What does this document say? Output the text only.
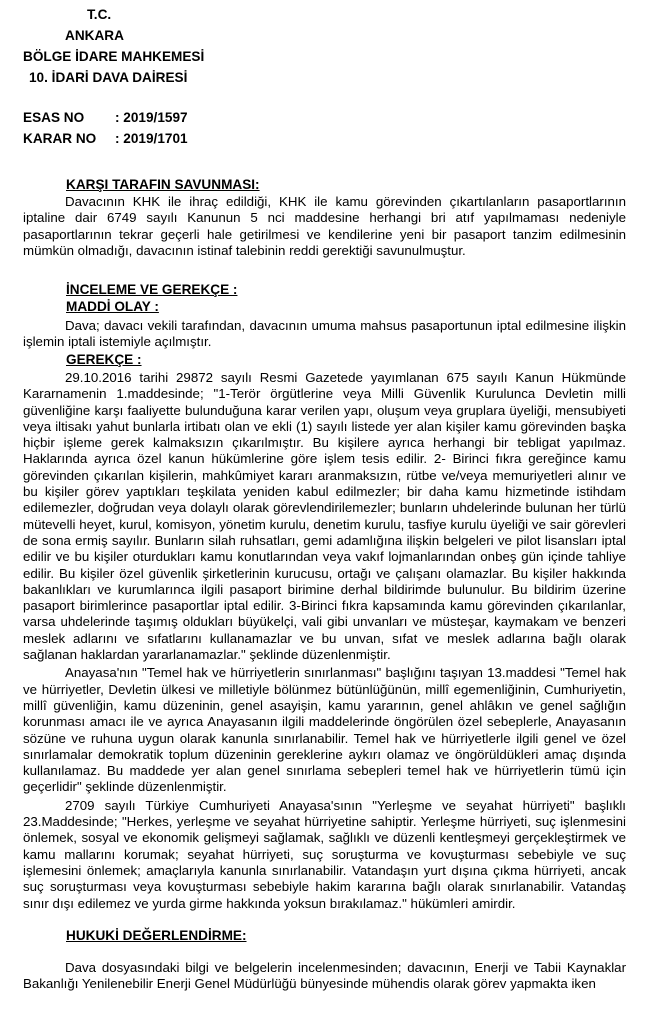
T.C.
ANKARA
BÖLGE İDARE MAHKEMESİ
10. İDARİ DAVA DAİRESİ
ESAS NO : 2019/1597
KARAR NO : 2019/1701
KARŞI TARAFIN SAVUNMASI:

Davacının KHK ile ihraç edildiği, KHK ile kamu görevinden çıkartılanların pasaportlarının iptaline dair 6749 sayılı Kanunun 5 nci maddesine herhangi bri atıf yapılmaması nedeniyle pasaportlarının tekrar geçerli hale getirilmesi ve kendilerine yeni bir pasaport tanzim edilmesinin mümkün olmadığı, davacının istinaf talebinin reddi gerektiği savunulmuştur.

İNCELEME VE GEREKÇE :
MADDİ OLAY :

Dava; davacı vekili tarafından, davacının umuma mahsus pasaportunun iptal edilmesine ilişkin işlemin iptali istemiyle açılmıştır.

GEREKÇE :

29.10.2016 tarihi 29872 sayılı Resmi Gazetede yayımlanan 675 sayılı Kanun Hükmünde Kararnamenin 1.maddesinde; "1-Terör örgütlerine veya Milli Güvenlik Kurulunca Devletin milli güvenliğine karşı faaliyette bulunduğuna karar verilen yapı, oluşum veya gruplara üyeliği, mensubiyeti veya iltisakı yahut bunlarla irtibatı olan ve ekli (1) sayılı listede yer alan kişiler kamu görevinden başka hiçbir işleme gerek kalmaksızın çıkarılmıştır. Bu kişilere ayrıca herhangi bir tebligat yapılmaz. Haklarında ayrıca özel kanun hükümlerine göre işlem tesis edilir. 2- Birinci fıkra gereğince kamu görevinden çıkarılan kişilerin, mahkûmiyet kararı aranmaksızın, rütbe ve/veya memuriyetleri alınır ve bu kişiler görev yaptıkları teşkilata yeniden kabul edilmezler; bir daha kamu hizmetinde istihdam edilemezler, doğrudan veya dolaylı olarak görevlendirilemezler; bunların uhdelerinde bulunan her türlü mütevelli heyet, kurul, komisyon, yönetim kurulu, denetim kurulu, tasfiye kurulu üyeliği ve sair görevleri de sona ermiş sayılır. Bunların silah ruhsatları, gemi adamlığına ilişkin belgeleri ve pilot lisansları iptal edilir ve bu kişiler oturdukları kamu konutlarından veya vakıf lojmanlarından onbeş gün içinde tahliye edilir. Bu kişiler özel güvenlik şirketlerinin kurucusu, ortağı ve çalışanı olamazlar. Bu kişiler hakkında bakanlıkları ve kurumlarınca ilgili pasaport birimine derhal bildirimde bulunulur. Bu bildirim üzerine pasaport birimlerince pasaportlar iptal edilir. 3-Birinci fıkra kapsamında kamu görevinden çıkarılanlar, varsa uhdelerinde taşımış oldukları büyükelçi, vali gibi unvanları ve müsteşar, kaymakam ve benzeri meslek adlarını ve sıfatlarını kullanamazlar ve bu unvan, sıfat ve meslek adlarına bağlı olarak sağlanan haklardan yararlanamazlar." şeklinde düzenlenmiştir.

Anayasa'nın "Temel hak ve hürriyetlerin sınırlanması" başlığını taşıyan 13.maddesi "Temel hak ve hürriyetler, Devletin ülkesi ve milletiyle bölünmez bütünlüğünün, millî egemenliğinin, Cumhuriyetin, millî güvenliğin, kamu düzeninin, genel asayişin, kamu yararının, genel ahlâkın ve genel sağlığın korunması amacı ile ve ayrıca Anayasanın ilgili maddelerinde öngörülen özel sebeplerle, Anayasanın sözüne ve ruhuna uygun olarak kanunla sınırlanabilir. Temel hak ve hürriyetlerle ilgili genel ve özel sınırlamalar demokratik toplum düzeninin gereklerine aykırı olamaz ve öngörüldükleri amaç dışında kullanılamaz. Bu maddede yer alan genel sınırlama sebepleri temel hak ve hürriyetlerin tümü için geçerlidir" şeklinde düzenlenmiştir.

2709 sayılı Türkiye Cumhuriyeti Anayasa'sının "Yerleşme ve seyahat hürriyeti" başlıklı 23.Maddesinde; "Herkes, yerleşme ve seyahat hürriyetine sahiptir. Yerleşme hürriyeti, suç işlenmesini önlemek, sosyal ve ekonomik gelişmeyi sağlamak, sağlıklı ve düzenli kentleşmeyi gerçekleştirmek ve kamu mallarını korumak; seyahat hürriyeti, suç soruşturma ve kovuşturması sebebiyle ve suç işlemesini önlemek; amaçlarıyla kanunla sınırlanabilir. Vatandaşın yurt dışına çıkma hürriyeti, ancak suç soruşturması veya kovuşturması sebebiyle hakim kararına bağlı olarak sınırlanabilir. Vatandaş sınır dışı edilemez ve yurda girme hakkında yoksun bırakılamaz." hükümleri amirdir.

HUKUKİ DEĞERLENDİRME:

Dava dosyasındaki bilgi ve belgelerin incelenmesinden; davacının, Enerji ve Tabii Kaynaklar Bakanlığı Yenilenebilir Enerji Genel Müdürlüğü bünyesinde mühendis olarak görev yapmakta iken
